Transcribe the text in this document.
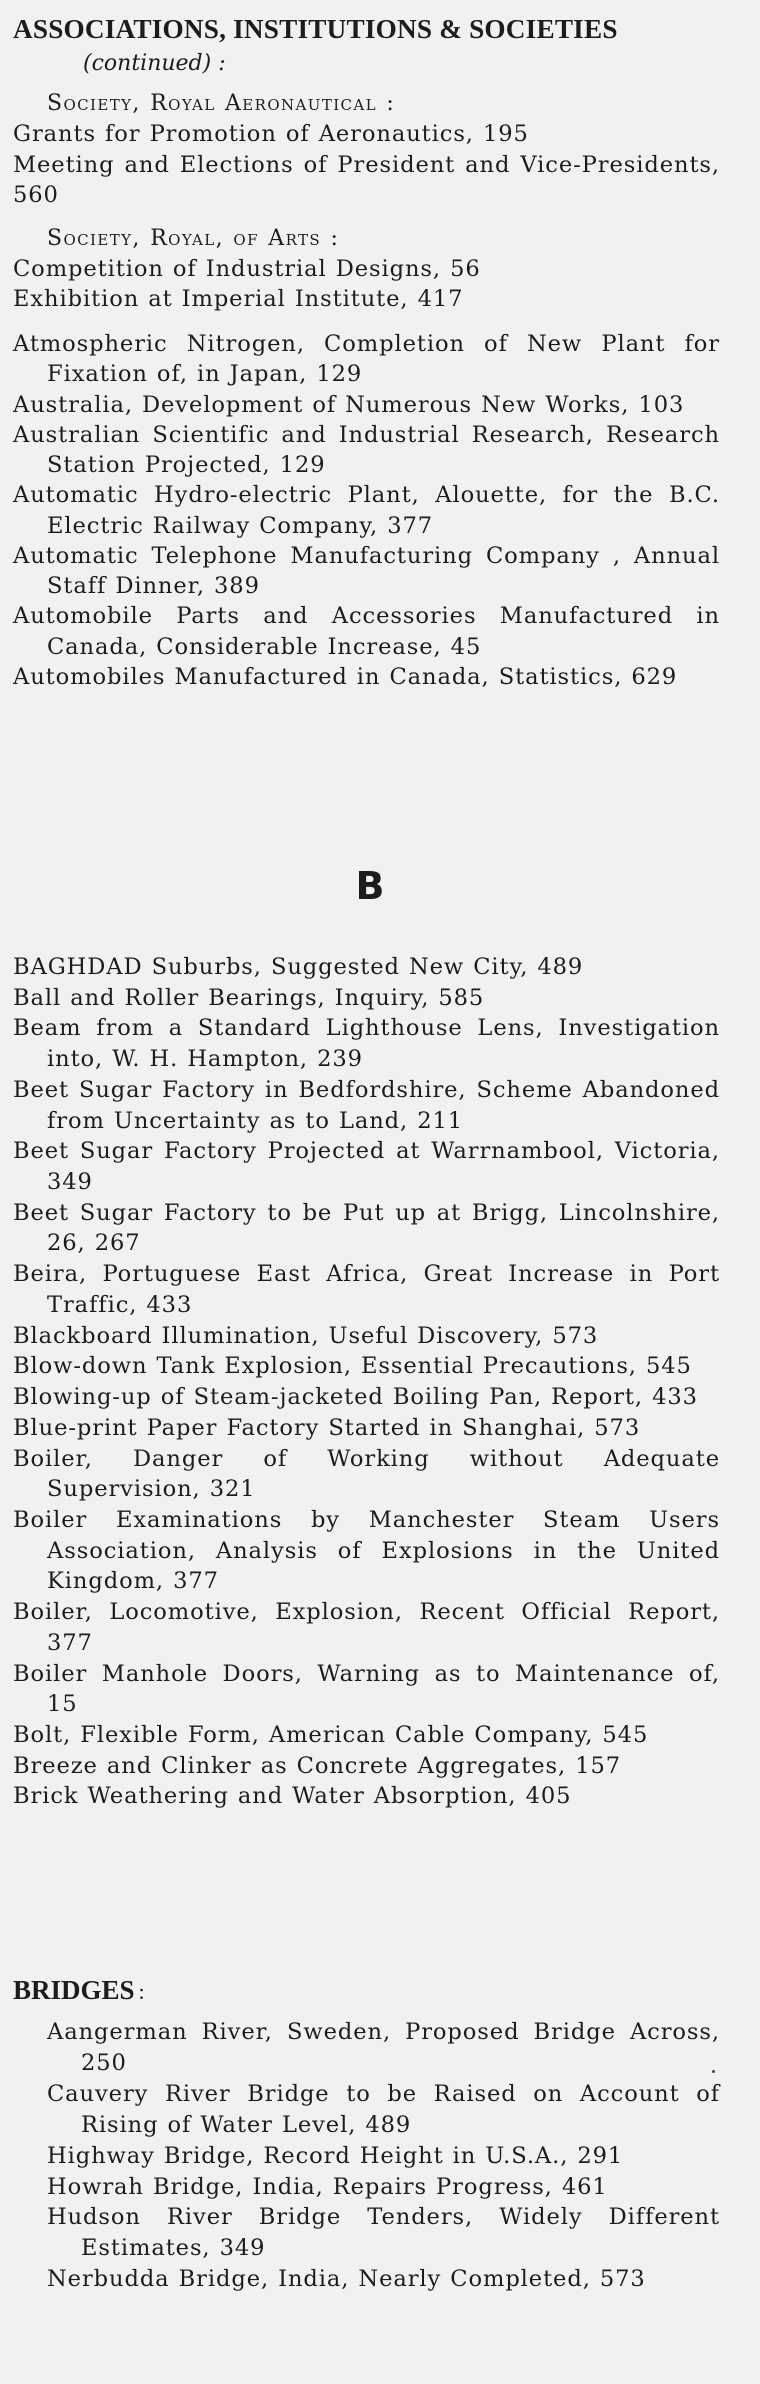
ASSOCIATIONS, INSTITUTIONS & SOCIETIES
(continued) :
Society, Royal Aeronautical :
Grants for Promotion of Aeronautics, 195
Meeting and Elections of President and Vice-Presidents, 560
Society, Royal, of Arts :
Competition of Industrial Designs, 56
Exhibition at Imperial Institute, 417
Atmospheric Nitrogen, Completion of New Plant for Fixation of, in Japan, 129
Australia, Development of Numerous New Works, 103
Australian Scientific and Industrial Research, Research Station Projected, 129
Automatic Hydro-electric Plant, Alouette, for the B.C. Electric Railway Company, 377
Automatic Telephone Manufacturing Company , Annual Staff Dinner, 389
Automobile Parts and Accessories Manufactured in Canada, Considerable Increase, 45
Automobiles Manufactured in Canada, Statistics, 629
B
BAGHDAD Suburbs, Suggested New City, 489
Ball and Roller Bearings, Inquiry, 585
Beam from a Standard Lighthouse Lens, Investigation into, W. H. Hampton, 239
Beet Sugar Factory in Bedfordshire, Scheme Abandoned from Uncertainty as to Land, 211
Beet Sugar Factory Projected at Warrnambool, Victoria, 349
Beet Sugar Factory to be Put up at Brigg, Lincolnshire, 26, 267
Beira, Portuguese East Africa, Great Increase in Port Traffic, 433
Blackboard Illumination, Useful Discovery, 573
Blow-down Tank Explosion, Essential Precautions, 545
Blowing-up of Steam-jacketed Boiling Pan, Report, 433
Blue-print Paper Factory Started in Shanghai, 573
Boiler, Danger of Working without Adequate Supervision, 321
Boiler Examinations by Manchester Steam Users Association, Analysis of Explosions in the United Kingdom, 377
Boiler, Locomotive, Explosion, Recent Official Report, 377
Boiler Manhole Doors, Warning as to Maintenance of, 15
Bolt, Flexible Form, American Cable Company, 545
Breeze and Clinker as Concrete Aggregates, 157
Brick Weathering and Water Absorption, 405
BRIDGES :
Aangerman River, Sweden, Proposed Bridge Across, 250
Cauvery River Bridge to be Raised on Account of Rising of Water Level, 489
Highway Bridge, Record Height in U.S.A., 291
Howrah Bridge, India, Repairs Progress, 461
Hudson River Bridge Tenders, Widely Different Estimates, 349
Nerbudda Bridge, India, Nearly Completed, 573
